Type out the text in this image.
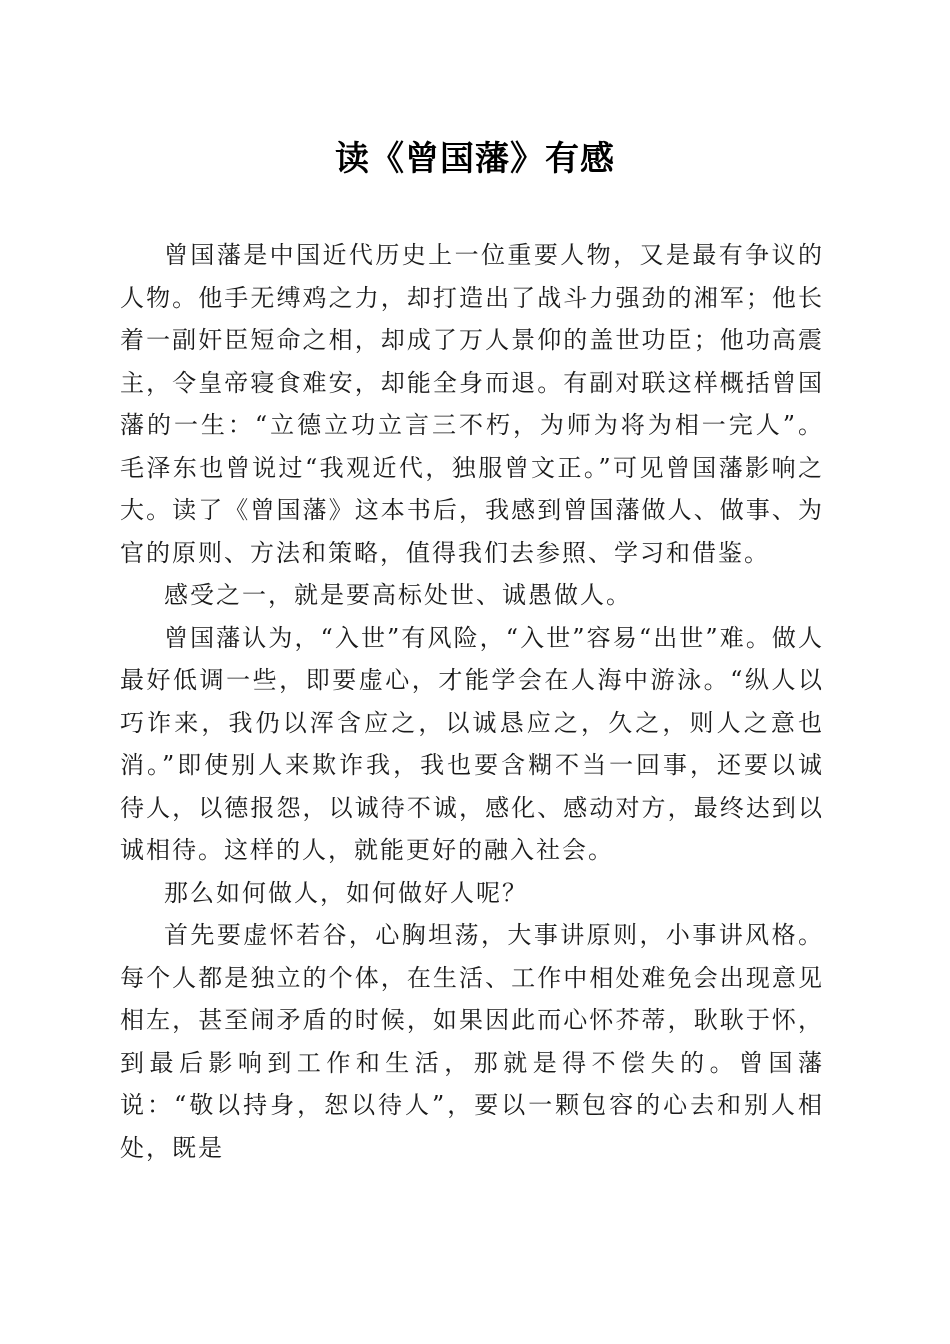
读《曾国藩》有感

曾国藩是中国近代历史上一位重要人物，又是最有争议的人物。他手无缚鸡之力，却打造出了战斗力强劲的湘军；他长着一副奸臣短命之相，却成了万人景仰的盖世功臣；他功高震主，令皇帝寝食难安，却能全身而退。有副对联这样概括曾国藩的一生：“立德立功立言三不朽，为师为将为相一完人”。毛泽东也曾说过“我观近代，独服曾文正。”可见曾国藩影响之大。读了《曾国藩》这本书后，我感到曾国藩做人、做事、为官的原则、方法和策略，值得我们去参照、学习和借鉴。

感受之一，就是要高标处世、诚愚做人。

曾国藩认为，“入世”有风险，“入世”容易“出世”难。做人最好低调一些，即要虚心，才能学会在人海中游泳。“纵人以巧诈来，我仍以浑含应之，以诚恳应之，久之，则人之意也消。”即使别人来欺诈我，我也要含糊不当一回事，还要以诚待人，以德报怨，以诚待不诚，感化、感动对方，最终达到以诚相待。这样的人，就能更好的融入社会。

那么如何做人，如何做好人呢？

首先要虚怀若谷，心胸坦荡，大事讲原则，小事讲风格。每个人都是独立的个体，在生活、工作中相处难免会出现意见相左，甚至闹矛盾的时候，如果因此而心怀芥蒂，耿耿于怀，到最后影响到工作和生活，那就是得不偿失的。曾国藩说：“敬以持身，恕以待人”，要以一颗包容的心去和别人相处，既是
